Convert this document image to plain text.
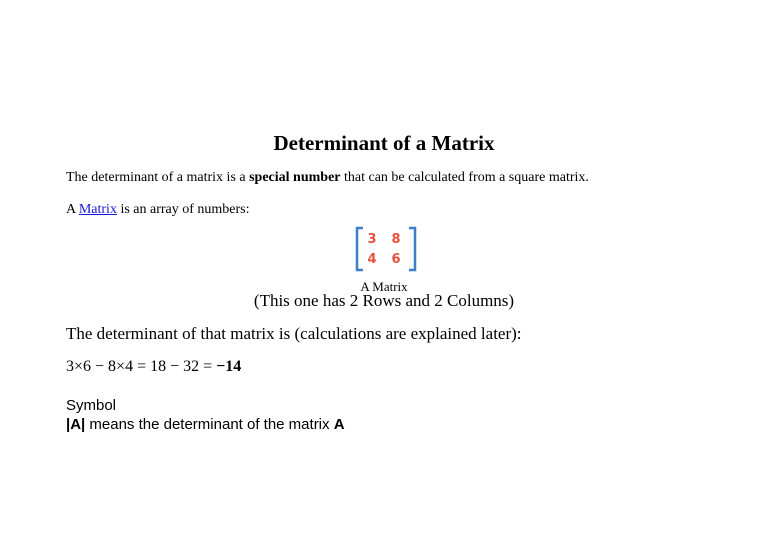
Determinant of a Matrix
The determinant of a matrix is a special number that can be calculated from a square matrix.
A Matrix is an array of numbers:
3	8
4	6
A Matrix
(This one has 2 Rows and 2 Columns)
The determinant of that matrix is (calculations are explained later):
3×6 − 8×4 = 18 − 32 = −14
Symbol
|A| means the determinant of the matrix A
